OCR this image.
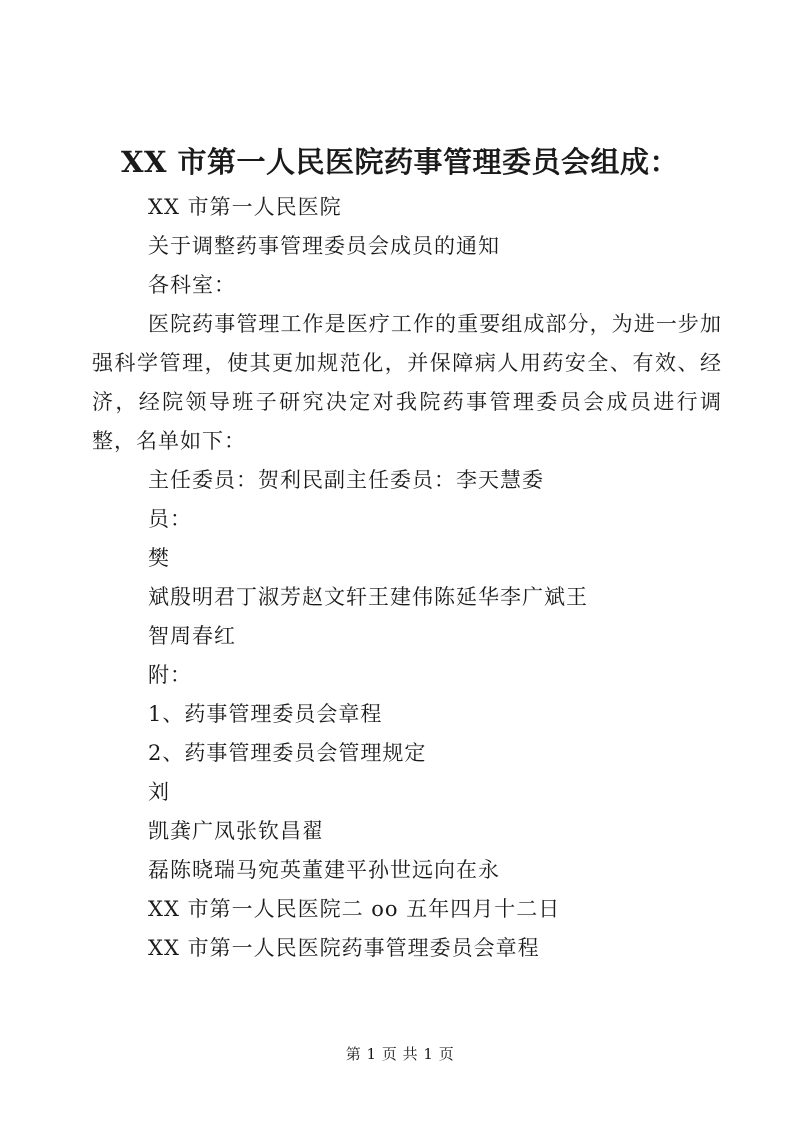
XX 市第一人民医院药事管理委员会组成：

XX 市第一人民医院

关于调整药事管理委员会成员的通知

各科室：

医院药事管理工作是医疗工作的重要组成部分，为进一步加强科学管理，使其更加规范化，并保障病人用药安全、有效、经济，经院领导班子研究决定对我院药事管理委员会成员进行调整，名单如下：

主任委员：贺利民副主任委员：李天慧委

员：

樊

斌殷明君丁淑芳赵文轩王建伟陈延华李广斌王

智周春红

附：

1、药事管理委员会章程

2、药事管理委员会管理规定

刘

凯龚广凤张钦昌翟

磊陈晓瑞马宛英董建平孙世远向在永

XX 市第一人民医院二 oo 五年四月十二日

XX 市第一人民医院药事管理委员会章程

第 1 页 共 1 页
